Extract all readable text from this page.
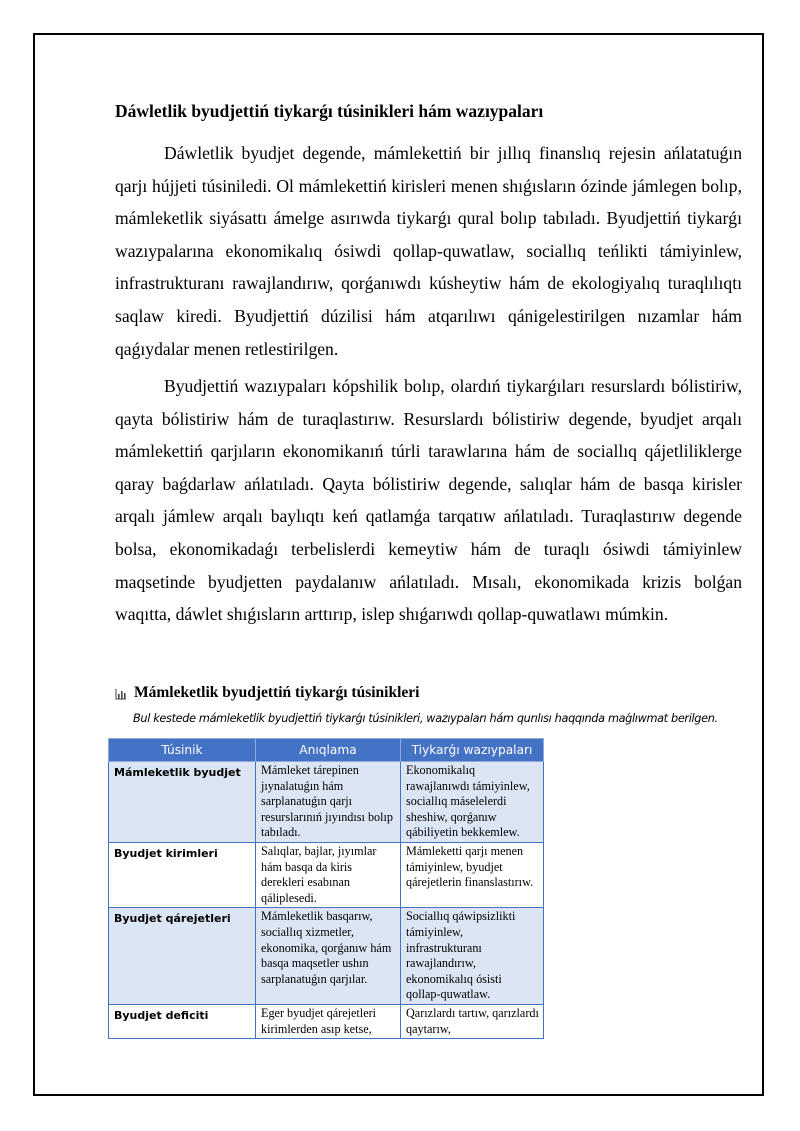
Dáwletlik byudjettiń tiykarǵı túsinikleri hám wazıypaları

Dáwletlik byudjet degende, mámlekettiń bir jıllıq finanslıq rejesin ańlatatuǵın qarjı hújjeti túsiniledi. Ol mámlekettiń kirisleri menen shıǵısların ózinde jámlegen bolıp, mámleketlik siyásattı ámelge asırıwda tiykarǵı qural bolıp tabıladı. Byudjettiń tiykarǵı wazıypalarına ekonomikalıq ósiwdi qollap-quwatlaw, sociallıq teńlikti támiyinlew, infrastrukturanı rawajlandırıw, qorǵanıwdı kúsheytiw hám de ekologiyalıq turaqlılıqtı saqlaw kiredi. Byudjettiń dúzilisi hám atqarılıwı qánigelestirilgen nızamlar hám qaǵıydalar menen retlestirilgen.

Byudjettiń wazıypaları kópshilik bolıp, olardıń tiykarǵıları resurslardı bólistiriw, qayta bólistiriw hám de turaqlastırıw. Resurslardı bólistiriw degende, byudjet arqalı mámlekettiń qarjıların ekonomikanıń túrli tarawlarına hám de sociallıq qájetliliklerge qaray baǵdarlaw ańlatıladı. Qayta bólistiriw degende, salıqlar hám de basqa kirisler arqalı jámlew arqalı baylıqtı keń qatlamǵa tarqatıw ańlatıladı. Turaqlastırıw degende bolsa, ekonomikadaǵı terbelislerdi kemeytiw hám de turaqlı ósiwdi támiyinlew maqsetinde byudjetten paydalanıw ańlatıladı. Mısalı, ekonomikada krizis bolǵan waqıtta, dáwlet shıǵısların arttırıp, islep shıǵarıwdı qollap-quwatlawı múmkin.

Mámleketlik byudjettiń tiykarǵı túsinikleri
Bul kestede mámleketlik byudjettiń tiykarǵı túsinikleri, wazıypaları hám qurılısı haqqında maǵlıwmat berilgen.
Túsinik	Anıqlama	Tiykarǵı wazıypaları
Mámleketlik byudjet	Mámleket tárepinen jıynalatuǵın hám sarplanatuǵın qarjı resurslarınıń jıyındısı bolıp tabıladı.	Ekonomikalıq rawajlanıwdı támiyinlew, sociallıq máselelerdi sheshiw, qorǵanıw qábiliyetin bekkemlew.
Byudjet kirimleri	Salıqlar, bajlar, jıyımlar hám basqa da kiris derekleri esabınan qáliplesedi.	Mámleketti qarjı menen támiyinlew, byudjet qárejetlerin finanslastırıw.
Byudjet qárejetleri	Mámleketlik basqarıw, sociallıq xizmetler, ekonomika, qorǵanıw hám basqa maqsetler ushın sarplanatuǵın qarjılar.	Sociallıq qáwipsizlikti támiyinlew, infrastrukturanı rawajlandırıw, ekonomikalıq ósisti qollap-quwatlaw.
Byudjet deficiti	Eger byudjet qárejetleri kirimlerden asıp ketse,	Qarızlardı tartıw, qarızlardı qaytarıw,
